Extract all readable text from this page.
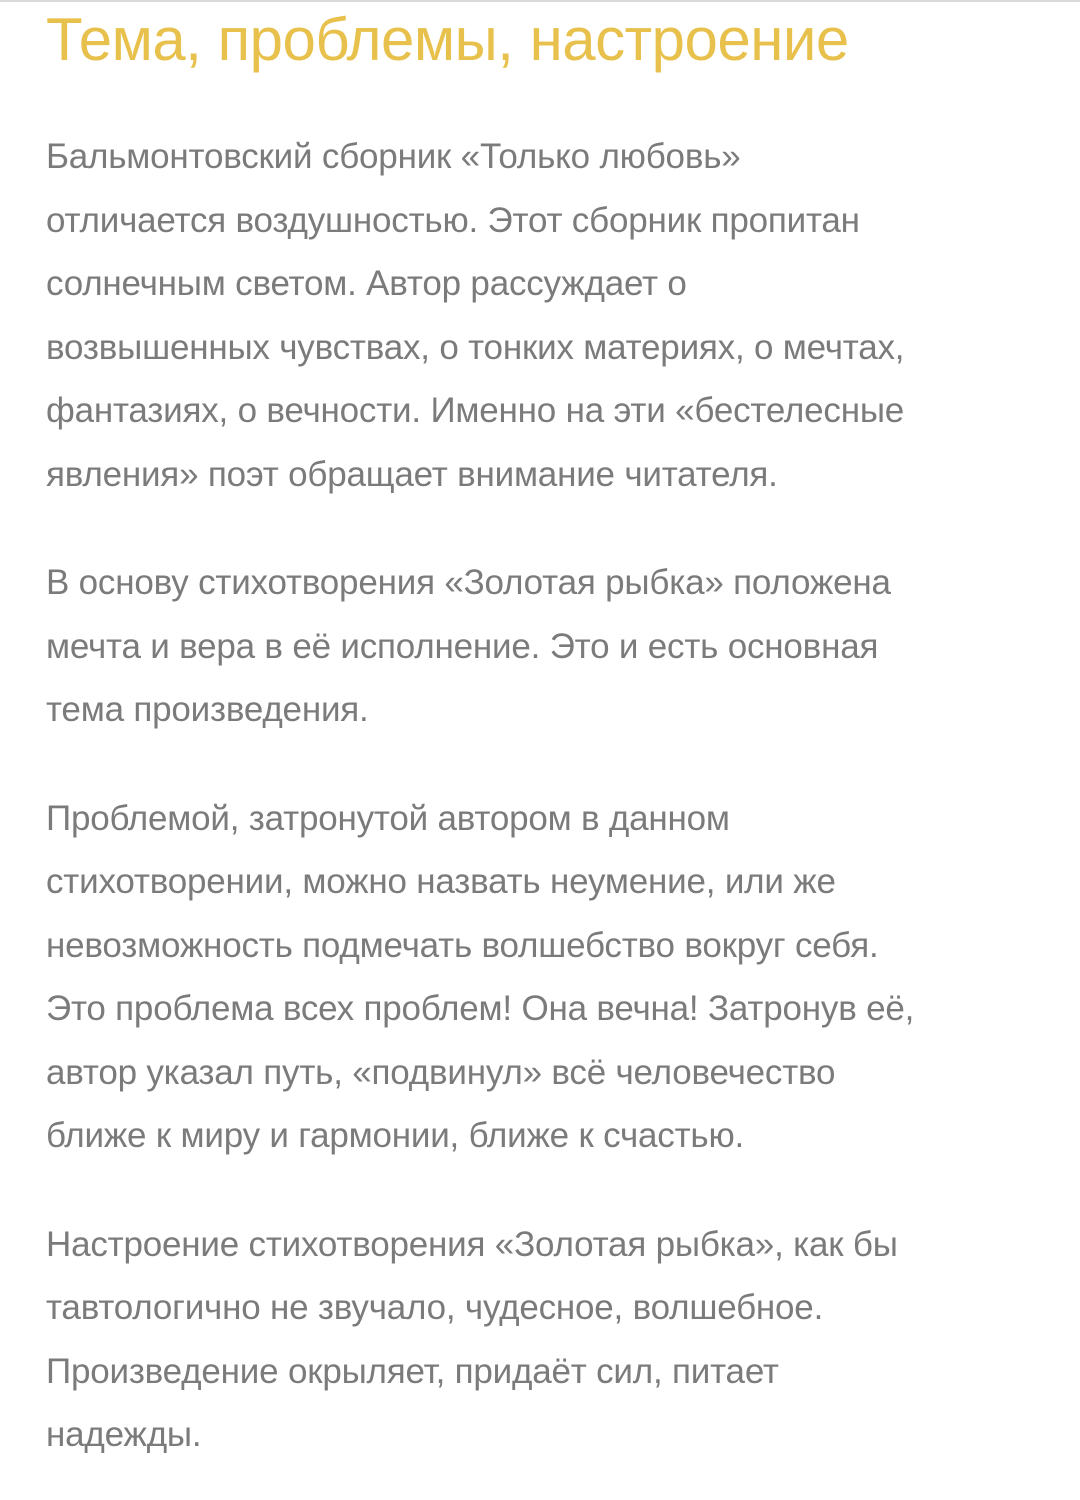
Тема, проблемы, настроение

Бальмонтовский сборник «Только любовь»
отличается воздушностью. Этот сборник пропитан
солнечным светом. Автор рассуждает о
возвышенных чувствах, о тонких материях, о мечтах,
фантазиях, о вечности. Именно на эти «бестелесные
явления» поэт обращает внимание читателя.

В основу стихотворения «Золотая рыбка» положена
мечта и вера в её исполнение. Это и есть основная
тема произведения.

Проблемой, затронутой автором в данном
стихотворении, можно назвать неумение, или же
невозможность подмечать волшебство вокруг себя.
Это проблема всех проблем! Она вечна! Затронув её,
автор указал путь, «подвинул» всё человечество
ближе к миру и гармонии, ближе к счастью.

Настроение стихотворения «Золотая рыбка», как бы
тавтологично не звучало, чудесное, волшебное.
Произведение окрыляет, придаёт сил, питает
надежды.
